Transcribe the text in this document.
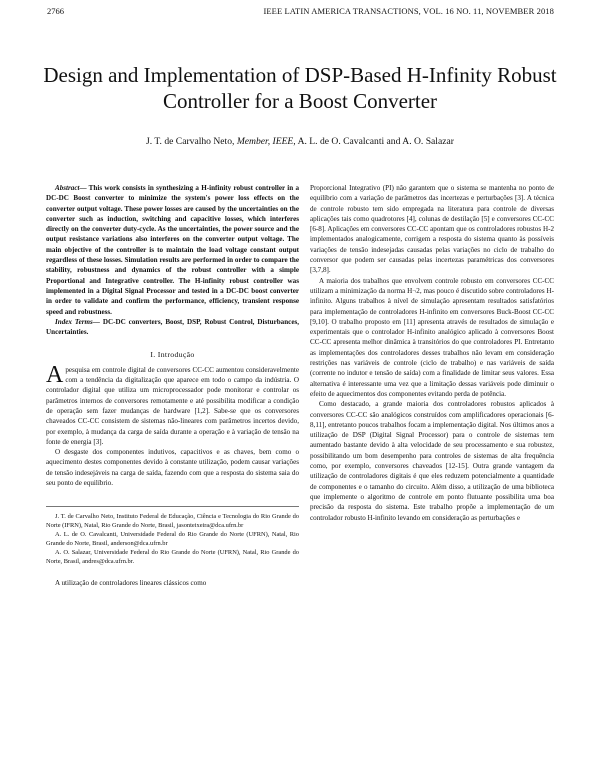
2766	IEEE LATIN AMERICA TRANSACTIONS, VOL. 16 NO. 11, NOVEMBER 2018
Design and Implementation of DSP-Based H-Infinity Robust Controller for a Boost Converter
J. T. de Carvalho Neto, Member, IEEE, A. L. de O. Cavalcanti and A. O. Salazar

Abstract— This work consists in synthesizing a H-infinity robust controller in a DC-DC Boost converter to minimize the system's power loss effects on the converter output voltage. These power losses are caused by the uncertainties on the converter such as induction, switching and capacitive losses, which interferes directly on the converter duty-cycle. As the uncertainties, the power source and the output resistance variations also interferes on the converter output voltage. The main objective of the controller is to maintain the load voltage constant output regardless of these losses. Simulation results are performed in order to compare the stability, robustness and dynamics of the robust controller with a simple Proportional and Integrative controller. The H-infinity robust controller was implemented in a Digital Signal Processor and tested in a DC-DC boost converter in order to validate and confirm the performance, efficiency, transient response speed and robustness.

Index Terms— DC-DC converters, Boost, DSP, Robust Control, Disturbances, Uncertainties.

I. Introdução

Apesquisa em controle digital de conversores CC-CC aumentou consideravelmente com a tendência da digitalização que aparece em todo o campo da indústria. O controlador digital que utiliza um microprocessador pode monitorar e controlar os parâmetros internos de conversores remotamente e até possibilita modificar a condição de operação sem fazer mudanças de hardware [1,2]. Sabe-se que os conversores chaveados CC-CC consistem de sistemas não-lineares com parâmetros incertos devido, por exemplo, à mudança da carga de saída durante a operação e à variação de tensão na fonte de energia [3].

O desgaste dos componentes indutivos, capacitivos e as chaves, bem como o aquecimento destes componentes devido à constante utilização, podem causar variações de tensão indesejáveis na carga de saída, fazendo com que a resposta do sistema saia do seu ponto de equilíbrio.

J. T. de Carvalho Neto, Instituto Federal de Educação, Ciência e Tecnologia do Rio Grande do Norte (IFRN), Natal, Rio Grande do Norte, Brasil, jasonteixeira@dca.ufrn.br

A. L. de O. Cavalcanti, Universidade Federal do Rio Grande do Norte (UFRN), Natal, Rio Grande do Norte, Brasil, anderson@dca.ufrn.br

A. O. Salazar, Universidade Federal do Rio Grande do Norte (UFRN), Natal, Rio Grande do Norte, Brasil, andres@dca.ufrn.br.

A utilização de controladores lineares clássicos como

Proporcional Integrativo (PI) não garantem que o sistema se mantenha no ponto de equilíbrio com a variação de parâmetros das incertezas e perturbações [3]. A técnica de controle robusto tem sido empregada na literatura para controle de diversas aplicações tais como quadrotores [4], colunas de destilação [5] e conversores CC-CC [6-8]. Aplicações em conversores CC-CC apontam que os controladores robustos H-2 implementados analogicamente, corrigem a resposta do sistema quanto às possíveis variações de tensão indesejadas causadas pelas variações no ciclo de trabalho do conversor que podem ser causadas pelas incertezas paramétricas dos conversores [3,7,8].

A maioria dos trabalhos que envolvem controle robusto em conversores CC-CC utilizam a minimização da norma H¬2, mas pouco é discutido sobre controladores H-infinito. Alguns trabalhos à nível de simulação apresentam resultados satisfatórios para implementação de controladores H-infinito em conversores Buck-Boost CC-CC [9,10]. O trabalho proposto em [11] apresenta através de resultados de simulação e experimentais que o controlador H-infinito analógico aplicado à conversores Boost CC-CC apresenta melhor dinâmica à transitórios do que controladores PI. Entretanto as implementações dos controladores desses trabalhos não levam em consideração restrições nas variáveis de controle (ciclo de trabalho) e nas variáveis de saída (corrente no indutor e tensão de saída) com a finalidade de limitar seus valores. Essa alternativa é interessante uma vez que a limitação dessas variáveis pode diminuir o efeito de aquecimentos dos componentes evitando perda de potência.

Como destacado, a grande maioria dos controladores robustos aplicados à conversores CC-CC são analógicos construídos com amplificadores operacionais [6-8,11], entretanto poucos trabalhos focam a implementação digital. Nos últimos anos a utilização de DSP (Digital Signal Processor) para o controle de sistemas tem aumentado bastante devido à alta velocidade de seu processamento e sua robustez, possibilitando um bom desempenho para controles de sistemas de alta frequência como, por exemplo, conversores chaveados [12-15]. Outra grande vantagem da utilização de controladores digitais é que eles reduzem potencialmente a quantidade de componentes e o tamanho do circuito. Além disso, a utilização de uma biblioteca que implemente o algoritmo de controle em ponto flutuante possibilita uma boa precisão da resposta do sistema. Este trabalho propõe a implementação de um controlador robusto H-infinito levando em consideração as perturbações e
